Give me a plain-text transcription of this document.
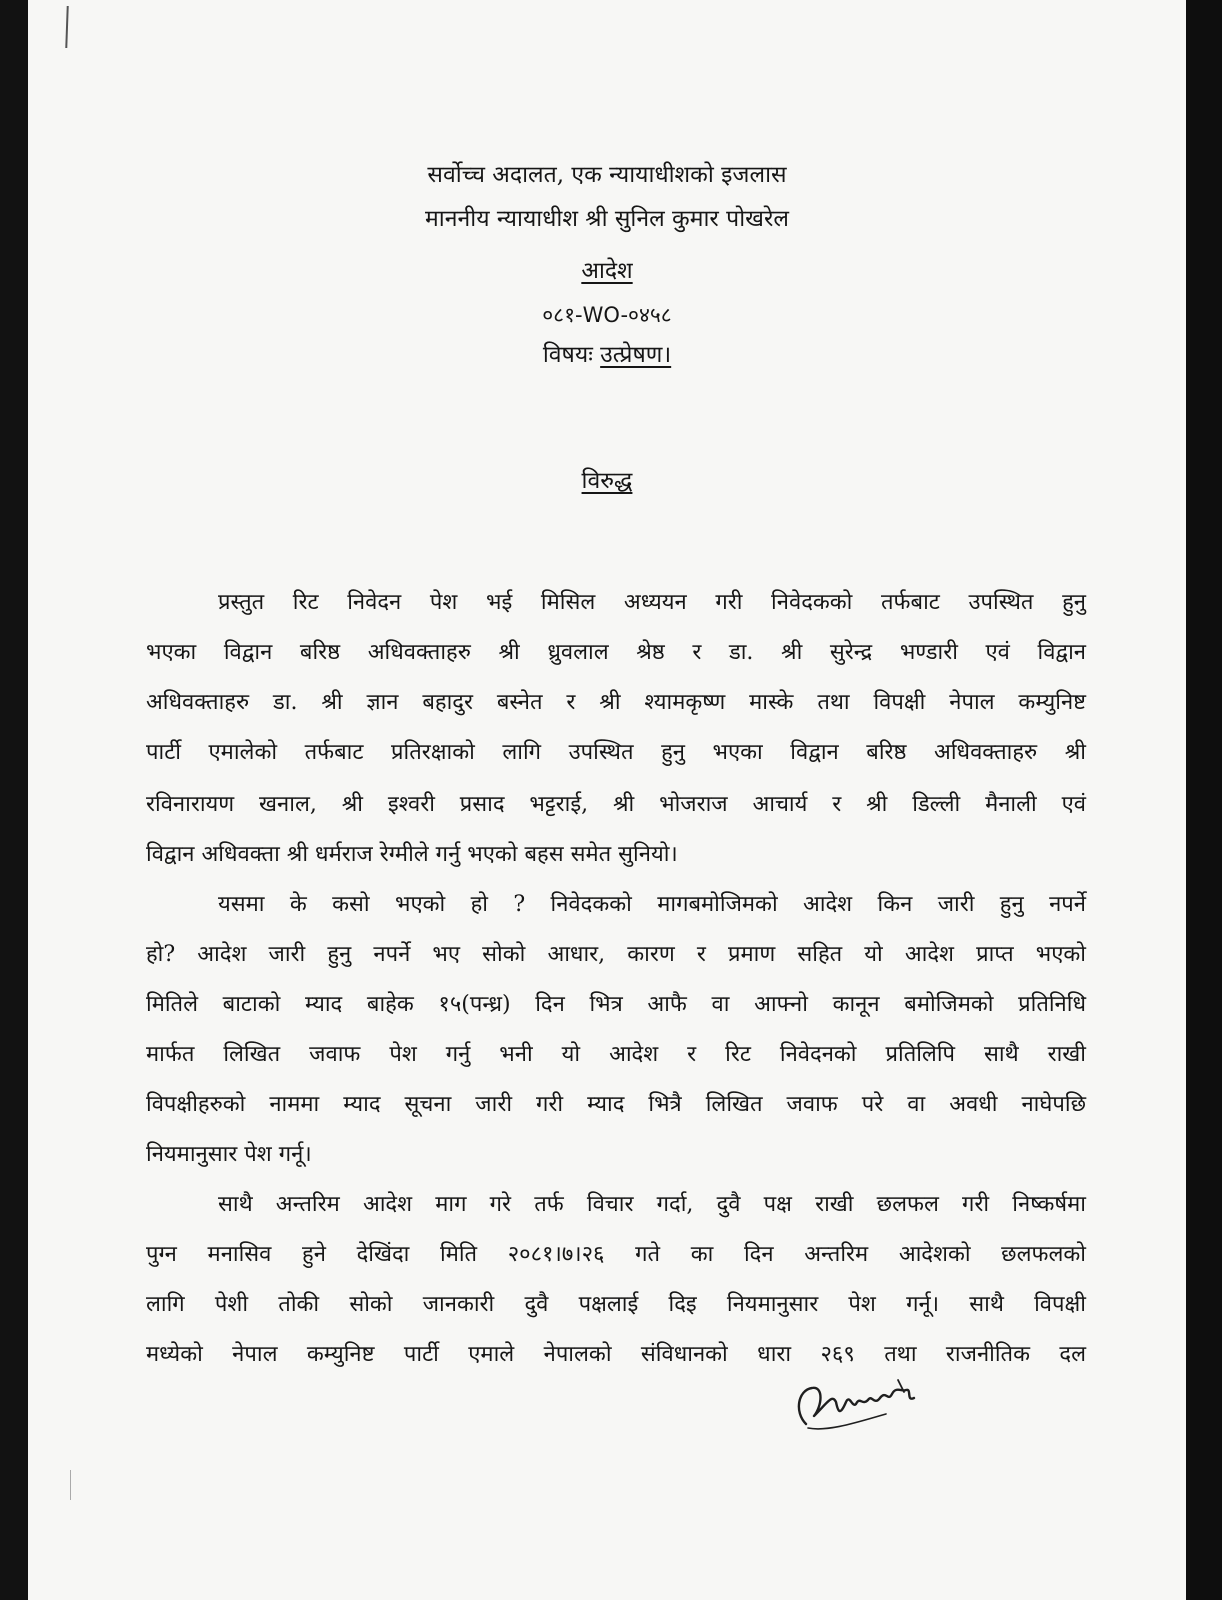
सर्वोच्च अदालत, एक न्यायाधीशको इजलास
माननीय न्यायाधीश श्री सुनिल कुमार पोखरेल
आदेश
०८१-WO-०४५८
विषयः उत्प्रेषण।
विरुद्ध
प्रस्तुत रिट निवेदन पेश भई मिसिल अध्ययन गरी निवेदकको तर्फबाट उपस्थित हुनु
भएका विद्वान बरिष्ठ अधिवक्ताहरु श्री ध्रुवलाल श्रेष्ठ र डा. श्री सुरेन्द्र भण्डारी एवं विद्वान
अधिवक्ताहरु डा. श्री ज्ञान बहादुर बस्नेत र श्री श्यामकृष्ण मास्के तथा विपक्षी नेपाल कम्युनिष्ट
पार्टी एमालेको तर्फबाट प्रतिरक्षाको लागि उपस्थित हुनु भएका विद्वान बरिष्ठ अधिवक्ताहरु श्री
रविनारायण खनाल, श्री इश्वरी प्रसाद भट्टराई, श्री भोजराज आचार्य र श्री डिल्ली मैनाली एवं
विद्वान अधिवक्ता श्री धर्मराज रेग्मीले गर्नु भएको बहस समेत सुनियो।
यसमा के कसो भएको हो ? निवेदकको मागबमोजिमको आदेश किन जारी हुनु नपर्ने
हो? आदेश जारी हुनु नपर्ने भए सोको आधार, कारण र प्रमाण सहित यो आदेश प्राप्त भएको
मितिले बाटाको म्याद बाहेक १५(पन्ध्र) दिन भित्र आफै वा आफ्नो कानून बमोजिमको प्रतिनिधि
मार्फत लिखित जवाफ पेश गर्नु भनी यो आदेश र रिट निवेदनको प्रतिलिपि साथै राखी
विपक्षीहरुको नाममा म्याद सूचना जारी गरी म्याद भित्रै लिखित जवाफ परे वा अवधी नाघेपछि
नियमानुसार पेश गर्नू।
साथै अन्तरिम आदेश माग गरे तर्फ विचार गर्दा, दुवै पक्ष राखी छलफल गरी निष्कर्षमा
पुग्न मनासिव हुने देखिंदा मिति २०८१।७।२६ गते का दिन अन्तरिम आदेशको छलफलको
लागि पेशी तोकी सोको जानकारी दुवै पक्षलाई दिइ नियमानुसार पेश गर्नू। साथै विपक्षी
मध्येको नेपाल कम्युनिष्ट पार्टी एमाले नेपालको संविधानको धारा २६९ तथा राजनीतिक दल
